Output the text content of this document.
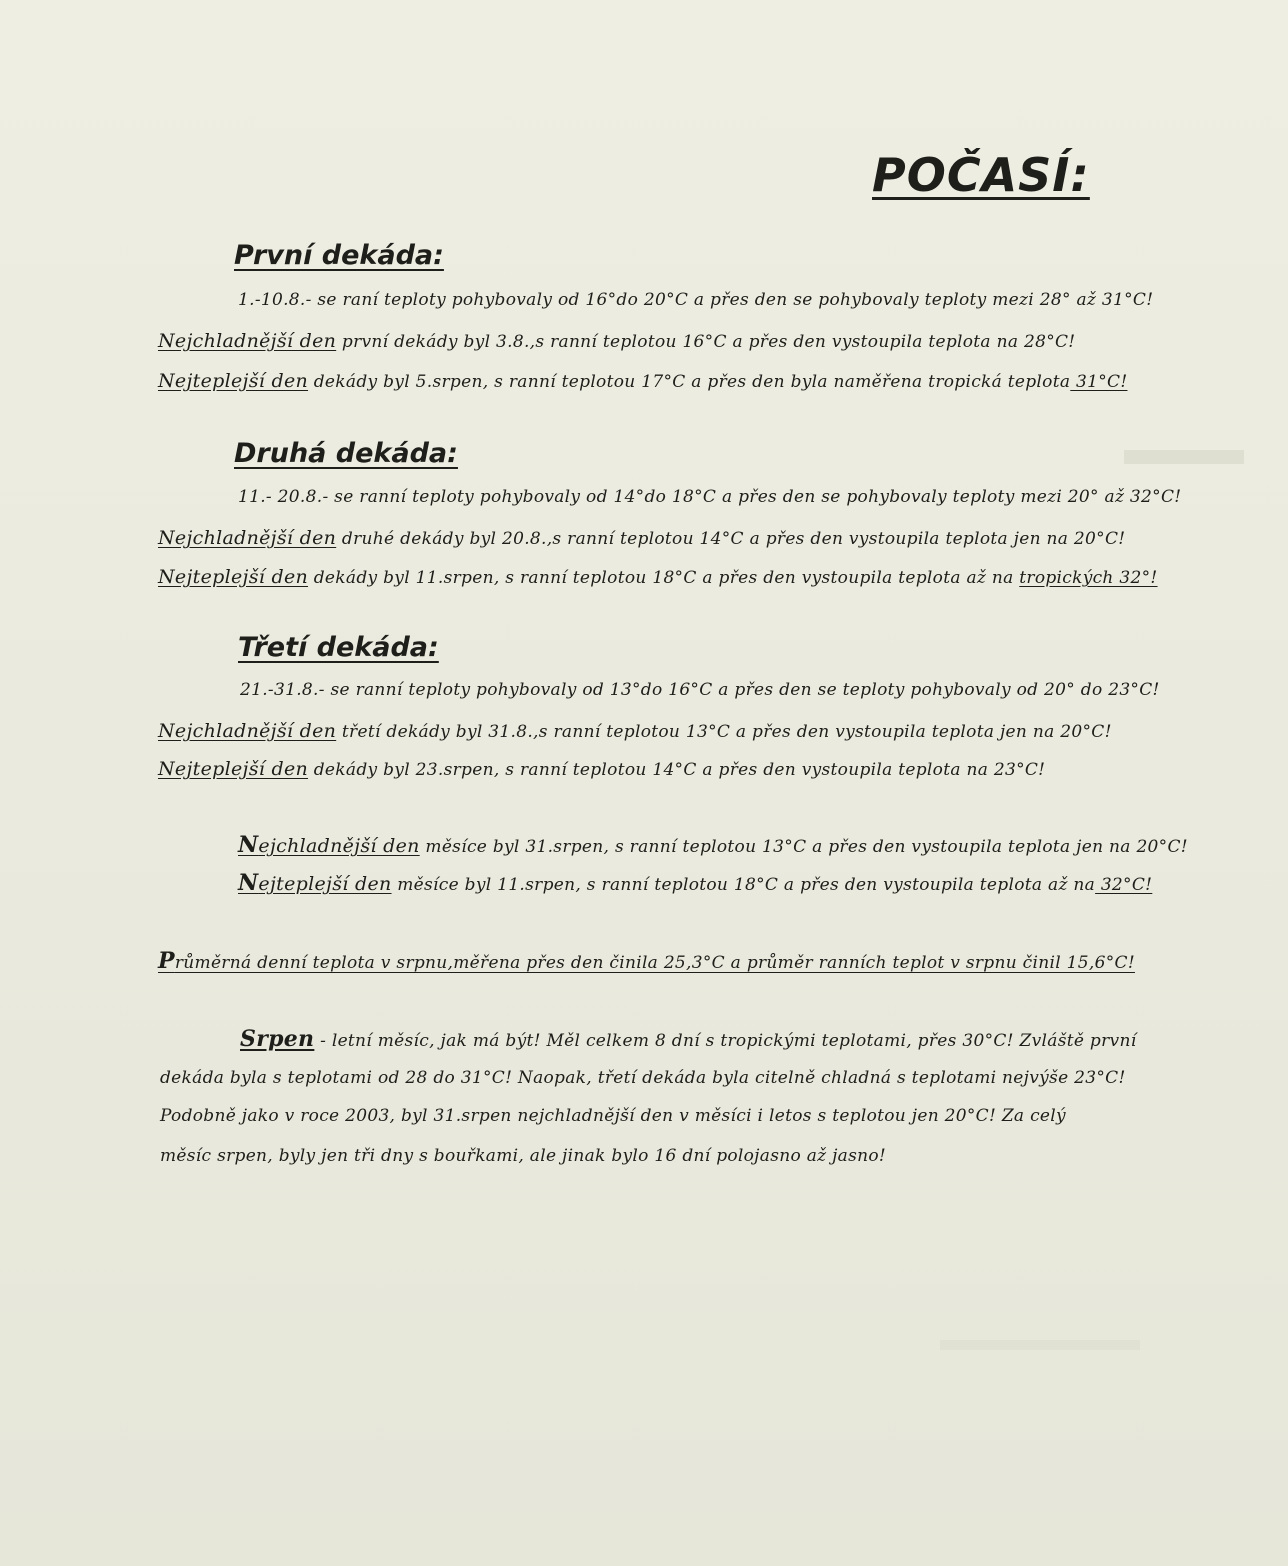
POČASÍ:
První dekáda:
1.-10.8.- se raní teploty pohybovaly od 16°do 20°C a přes den se pohybovaly teploty mezi 28° až 31°C!
Nejchladnější den první dekády byl 3.8.,s ranní teplotou 16°C a přes den vystoupila teplota na 28°C!
Nejteplejší den dekády byl 5.srpen, s ranní teplotou 17°C a přes den byla naměřena tropická teplota 31°C!
Druhá dekáda:
11.- 20.8.- se ranní teploty pohybovaly od 14°do 18°C a přes den se pohybovaly teploty mezi 20° až 32°C!
Nejchladnější den druhé dekády byl 20.8.,s ranní teplotou 14°C a přes den vystoupila teplota jen na 20°C!
Nejteplejší den dekády byl 11.srpen, s ranní teplotou 18°C a přes den vystoupila teplota až na tropických 32°!
Třetí dekáda:
21.-31.8.- se ranní teploty pohybovaly od 13°do 16°C a přes den se teploty pohybovaly od 20° do 23°C!
Nejchladnější den třetí dekády byl 31.8.,s ranní teplotou 13°C a přes den vystoupila teplota jen na 20°C!
Nejteplejší den dekády byl 23.srpen, s ranní teplotou 14°C a přes den vystoupila teplota na 23°C!
Nejchladnější den měsíce byl 31.srpen, s ranní teplotou 13°C a přes den vystoupila teplota jen na 20°C!
Nejteplejší den měsíce byl 11.srpen, s ranní teplotou 18°C a přes den vystoupila teplota až na 32°C!
Průměrná denní teplota v srpnu,měřena přes den činila 25,3°C a průměr ranních teplot v srpnu činil 15,6°C!
Srpen - letní měsíc, jak má být! Měl celkem 8 dní s tropickými teplotami, přes 30°C! Zvláště první
dekáda byla s teplotami od 28 do 31°C! Naopak, třetí dekáda byla citelně chladná s teplotami nejvýše 23°C!
Podobně jako v roce 2003, byl 31.srpen nejchladnější den v měsíci i letos s teplotou jen 20°C! Za celý
měsíc srpen, byly jen tři dny s bouřkami, ale jinak bylo 16 dní polojasno až jasno!
